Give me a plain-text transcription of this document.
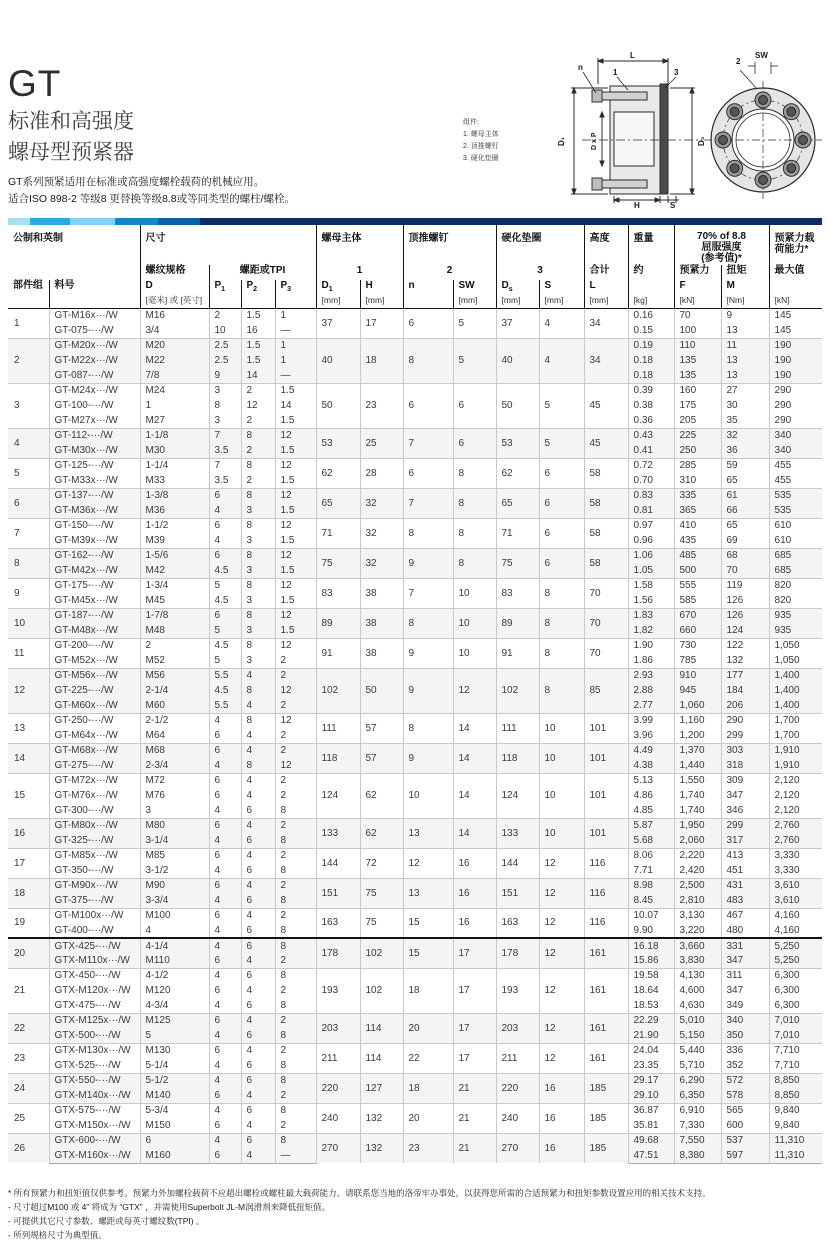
GT
标准和高强度
螺母型预紧器
GT系列预紧适用在标准或高强度螺栓载荷的机械应用。
适合ISO 898-2 等级8 更替换等级8.8或等同类型的螺柱/螺栓。
组件:
1. 螺母主体
2. 顶推螺钉
3. 硬化垫圈
L
n
1	3
D₁	D x P	D₃
H	S
2
SW
公制和英制	尺寸	螺母主体	顶推螺钉	硬化垫圈	高度	重量	70% of 8.8
屈服强度
(参考值)*

预紧力载
荷能力*

		螺纹规格	螺距或TPI			1		2		3		合计	约	预紧力	扭矩	最大值
部件组	料号	D	$P_1$	$P_2$	$P_3$	$D_1$	H	n	SW	$D_s$	S	L		F	M	
		[毫米] 或 [英寸]				[mm]	[mm]		[mm]	[mm]	[mm]	[mm]	[kg]	[kN]	[Nm]	[kN]
1	GT-M16x···/W	M16	2	1.5	1	37	17	6	5	37	4	34	0.16	70	9	145
	GT-075-···/W	3/4	10	16	—								0.15	100	13	145
2	GT-M20x···/W	M20	2.5	1.5	1	40	18	8	5	40	4	34	0.19	110	11	190
	GT-M22x···/W	M22	2.5	1.5	1								0.18	135	13	190
	GT-087-···/W	7/8	9	14	—								0.18	135	13	190
3	GT-M24x···/W	M24	3	2	1.5	50	23	6	6	50	5	45	0.39	160	27	290
	GT-100-···/W	1	8	12	14								0.38	175	30	290
	GT-M27x···/W	M27	3	2	1.5								0.36	205	35	290
4	GT-112-···/W	1-1/8	7	8	12	53	25	7	6	53	5	45	0.43	225	32	340
	GT-M30x···/W	M30	3.5	2	1.5								0.41	250	36	340
5	GT-125-···/W	1-1/4	7	8	12	62	28	6	8	62	6	58	0.72	285	59	455
	GT-M33x···/W	M33	3.5	2	1.5								0.70	310	65	455
6	GT-137-···/W	1-3/8	6	8	12	65	32	7	8	65	6	58	0.83	335	61	535
	GT-M36x···/W	M36	4	3	1.5								0.81	365	66	535
7	GT-150-···/W	1-1/2	6	8	12	71	32	8	8	71	6	58	0.97	410	65	610
	GT-M39x···/W	M39	4	3	1.5								0.96	435	69	610
8	GT-162-···/W	1-5/6	6	8	12	75	32	9	8	75	6	58	1.06	485	68	685
	GT-M42x···/W	M42	4.5	3	1.5								1.05	500	70	685
9	GT-175-···/W	1-3/4	5	8	12	83	38	7	10	83	8	70	1.58	555	119	820
	GT-M45x···/W	M45	4.5	3	1.5								1.56	585	126	820
10	GT-187-···/W	1-7/8	6	8	12	89	38	8	10	89	8	70	1.83	670	126	935
	GT-M48x···/W	M48	5	3	1.5								1.82	660	124	935
11	GT-200-···/W	2	4.5	8	12	91	38	9	10	91	8	70	1.90	730	122	1,050
	GT-M52x···/W	M52	5	3	2								1.86	785	132	1,050
12	GT-M56x···/W	M56	5.5	4	2	102	50	9	12	102	8	85	2.93	910	177	1,400
	GT-225-···/W	2-1/4	4.5	8	12								2.88	945	184	1,400
	GT-M60x···/W	M60	5.5	4	2								2.77	1,060	206	1,400
13	GT-250-···/W	2-1/2	4	8	12	111	57	8	14	111	10	101	3.99	1,160	290	1,700
	GT-M64x···/W	M64	6	4	2								3.96	1,200	299	1,700
14	GT-M68x···/W	M68	6	4	2	118	57	9	14	118	10	101	4.49	1,370	303	1,910
	GT-275-···/W	2-3/4	4	8	12								4.38	1,440	318	1,910
15	GT-M72x···/W	M72	6	4	2	124	62	10	14	124	10	101	5.13	1,550	309	2,120
	GT-M76x···/W	M76	6	4	2								4.86	1,740	347	2,120
	GT-300-···/W	3	4	6	8								4.85	1,740	346	2,120
16	GT-M80x···/W	M80	6	4	2	133	62	13	14	133	10	101	5.87	1,950	299	2,760
	GT-325-···/W	3-1/4	4	6	8								5.68	2,060	317	2,760
17	GT-M85x···/W	M85	6	4	2	144	72	12	16	144	12	116	8.06	2,220	413	3,330
	GT-350-···/W	3-1/2	4	6	8								7.71	2,420	451	3,330
18	GT-M90x···/W	M90	6	4	2	151	75	13	16	151	12	116	8.98	2,500	431	3,610
	GT-375-···/W	3-3/4	4	6	8								8.45	2,810	483	3,610
19	GT-M100x···/W	M100	6	4	2	163	75	15	16	163	12	116	10.07	3,130	467	4,160
	GT-400-···/W	4	4	6	8								9.90	3,220	480	4,160
20	GTX-425-···/W	4-1/4	4	6	8	178	102	15	17	178	12	161	16.18	3,660	331	5,250
	GTX-M110x···/W	M110	6	4	2								15.86	3,830	347	5,250
21	GTX-450-···/W	4-1/2	4	6	8	193	102	18	17	193	12	161	19.58	4,130	311	6,300
	GTX-M120x···/W	M120	6	4	2								18.64	4,600	347	6,300
	GTX-475-···/W	4-3/4	4	6	8								18.53	4,630	349	6,300
22	GTX-M125x···/W	M125	6	4	2	203	114	20	17	203	12	161	22.29	5,010	340	7,010
	GTX-500-···/W	5	4	6	8								21.90	5,150	350	7,010
23	GTX-M130x···/W	M130	6	4	2	211	114	22	17	211	12	161	24.04	5,440	336	7,710
	GTX-525-···/W	5-1/4	4	6	8								23.35	5,710	352	7,710
24	GTX-550-···/W	5-1/2	4	6	8	220	127	18	21	220	16	185	29.17	6,290	572	8,850
	GTX-M140x···/W	M140	6	4	2								29.10	6,350	578	8,850
25	GTX-575-···/W	5-3/4	4	6	8	240	132	20	21	240	16	185	36.87	6,910	565	9,840
	GTX-M150x···/W	M150	6	4	2								35.81	7,330	600	9,840
26	GTX-600-···/W	6	4	6	8	270	132	23	21	270	16	185	49.68	7,550	537	11,310
	GTX-M160x···/W	M160	6	4	—								47.51	8,380	597	11,310
* 所有预紧力和扭矩值仅供参考。预紧力外加螺栓载荷不应超出螺栓或螺柱最大载荷能力。请联系您当地的洛帝牢办事处，以获得您所需的合适预紧力和扭矩参数设置应用的相关技术支持。
- 尺寸超过M100 或 4” 将成为 “GTX” ，并需使用Superbolt JL-M润滑剂来降低扭矩值。
- 可提供其它尺寸参数、螺距或每英寸螺纹数(TPI) 。
- 所列规格尺寸为典型值。
